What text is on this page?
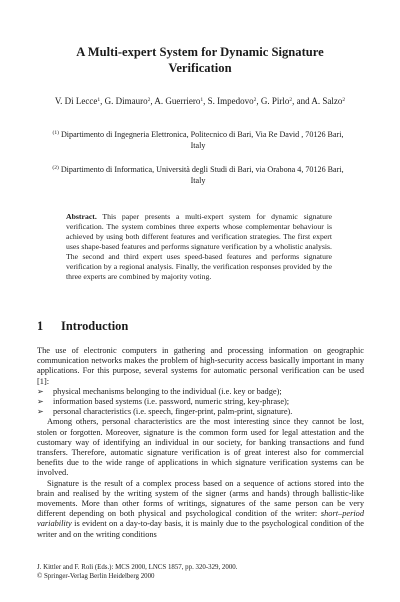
A Multi-expert System for Dynamic Signature
Verification
V. Di Lecce$^1$, G. Dimauro$^2$, A. Guerriero$^1$, S. Impedovo$^2$, G. Pirlo$^2$, and A. Salzo$^2$
$^{(1)}$ Dipartimento di Ingegneria Elettronica, Politecnico di Bari, Via Re David , 70126 Bari,
Italy
$^{(2)}$ Dipartimento di Informatica, Università degli Studi di Bari, via Orabona 4, 70126 Bari,
Italy

Abstract. This paper presents a multi-expert system for dynamic signature verification. The system combines three experts whose complementar behaviour is achieved by using both different features and verification strategies. The first expert uses shape-based features and performs signature verification by a wholistic analysis. The second and third expert uses speed-based features and performs signature verification by a regional analysis. Finally, the verification responses provided by the three experts are combined by majority voting.

1 Introduction

The use of electronic computers in gathering and processing information on geographic communication networks makes the problem of high-security access basically important in many applications. For this purpose, several systems for automatic personal verification can be used [1]:

➢ physical mechanisms belonging to the individual (i.e. key or badge);
➢ information based systems (i.e. password, numeric string, key-phrase);
➢ personal characteristics (i.e. speech, finger-print, palm-print, signature).

Among others, personal characteristics are the most interesting since they cannot be lost, stolen or forgotten. Moreover, signature is the common form used for legal attestation and the customary way of identifying an individual in our society, for banking transactions and fund transfers. Therefore, automatic signature verification is of great interest also for commercial benefits due to the wide range of applications in which signature verification systems can be involved.

Signature is the result of a complex process based on a sequence of actions stored into the brain and realised by the writing system of the signer (arms and hands) through ballistic-like movements. More than other forms of writings, signatures of the same person can be very different depending on both physical and psychological condition of the writer: short–period variability is evident on a day-to-day basis, it is mainly due to the psychological condition of the writer and on the writing conditions

J. Kittler and F. Roli (Eds.): MCS 2000, LNCS 1857, pp. 320-329, 2000.
© Springer-Verlag Berlin Heidelberg 2000
